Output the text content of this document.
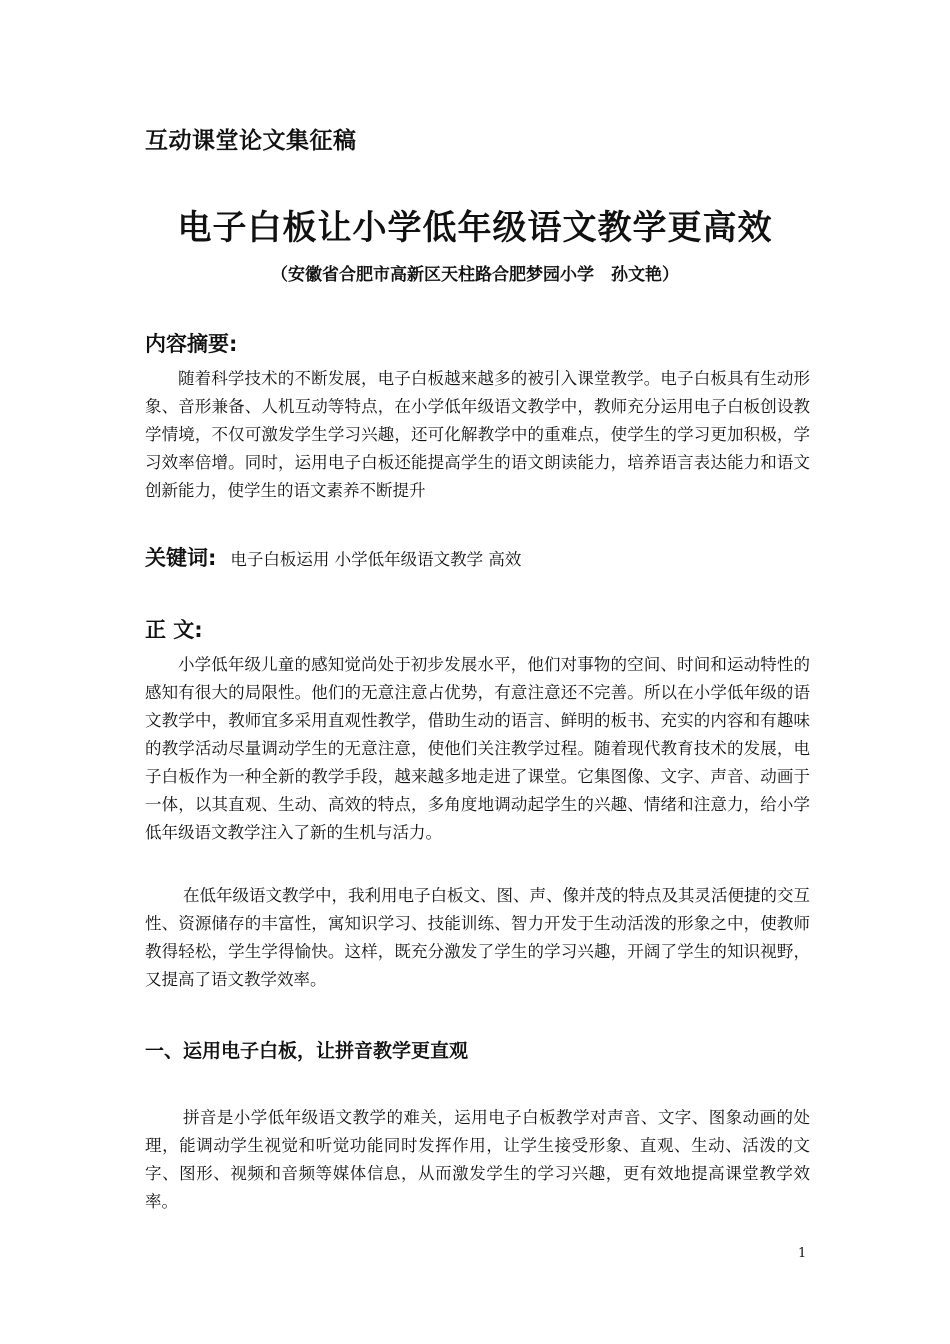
互动课堂论文集征稿

电子白板让小学低年级语文教学更高效

（安徽省合肥市高新区天柱路合肥梦园小学　孙文艳）

内容摘要:

随着科学技术的不断发展，电子白板越来越多的被引入课堂教学。电子白板具有生动形象、音形兼备、人机互动等特点，在小学低年级语文教学中，教师充分运用电子白板创设教学情境，不仅可激发学生学习兴趣，还可化解教学中的重难点，使学生的学习更加积极，学习效率倍增。同时，运用电子白板还能提高学生的语文朗读能力，培养语言表达能力和语文创新能力，使学生的语文素养不断提升

关键词: 电子白板运用 小学低年级语文教学 高效

正 文:

小学低年级儿童的感知觉尚处于初步发展水平，他们对事物的空间、时间和运动特性的感知有很大的局限性。他们的无意注意占优势，有意注意还不完善。所以在小学低年级的语文教学中，教师宜多采用直观性教学，借助生动的语言、鲜明的板书、充实的内容和有趣味的教学活动尽量调动学生的无意注意，使他们关注教学过程。随着现代教育技术的发展，电子白板作为一种全新的教学手段，越来越多地走进了课堂。它集图像、文字、声音、动画于一体，以其直观、生动、高效的特点，多角度地调动起学生的兴趣、情绪和注意力，给小学低年级语文教学注入了新的生机与活力。

在低年级语文教学中，我利用电子白板文、图、声、像并茂的特点及其灵活便捷的交互性、资源储存的丰富性，寓知识学习、技能训练、智力开发于生动活泼的形象之中，使教师教得轻松，学生学得愉快。这样，既充分激发了学生的学习兴趣，开阔了学生的知识视野，又提高了语文教学效率。

一、运用电子白板，让拼音教学更直观

拼音是小学低年级语文教学的难关，运用电子白板教学对声音、文字、图象动画的处理，能调动学生视觉和听觉功能同时发挥作用，让学生接受形象、直观、生动、活泼的文字、图形、视频和音频等媒体信息，从而激发学生的学习兴趣，更有效地提高课堂教学效率。

1
